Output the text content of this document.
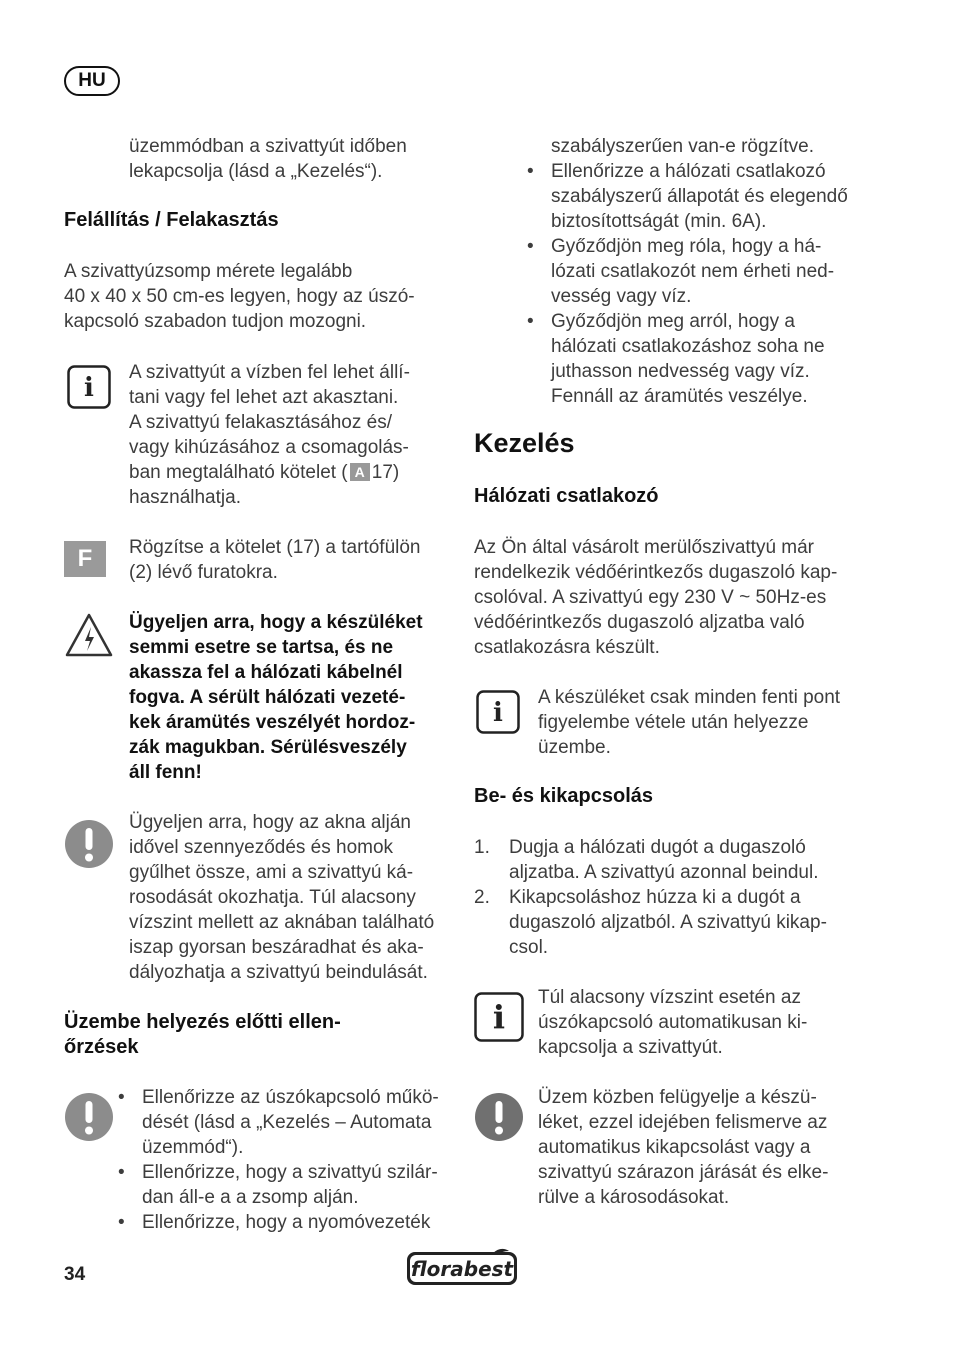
HU
üzemmódban a szivattyút időben
lekapcsolja (lásd a „Kezelés“).
Felállítás / Felakasztás
A szivattyúzsomp mérete legalább
40 x 40 x 50 cm-es legyen, hogy az úszó-
kapcsoló szabadon tudjon mozogni.
i
A szivattyút a vízben fel lehet állí-
tani vagy fel lehet azt akasztani.
A szivattyú felakasztásához és/
vagy kihúzásához a csomagolás-
ban megtalálható kötelet ( A 17)
használhatja.
F	Rögzítse a kötelet (17) a tartófülön
(2) lévő furatokra.
Ügyeljen arra, hogy a készüléket
semmi esetre se tartsa, és ne
akassza fel a hálózati kábelnél
fogva. A sérült hálózati vezeté-
kek áramütés veszélyét hordoz-
zák magukban. Sérülésveszély
áll fenn!
Ügyeljen arra, hogy az akna alján
idővel szennyeződés és homok
gyűlhet össze, ami a szivattyú ká-
rosodását okozhatja. Túl alacsony
vízszint mellett az aknában található
iszap gyorsan beszáradhat és aka-
dályozhatja a szivattyú beindulását.
Üzembe helyezés előtti ellen-
őrzések
• Ellenőrizze az úszókapcsoló műkö-
dését (lásd a „Kezelés – Automata
üzemmód“).
• Ellenőrizze, hogy a szivattyú szilár-
dan áll-e a a zsomp alján.
• Ellenőrizze, hogy a nyomóvezeték
szabályszerűen van-e rögzítve.
• Ellenőrizze a hálózati csatlakozó
szabályszerű állapotát és elegendő
biztosítottságát (min. 6A).
• Győződjön meg róla, hogy a há-
lózati csatlakozót nem érheti ned-
vesség vagy víz.
• Győződjön meg arról, hogy a
hálózati csatlakozáshoz soha ne
juthasson nedvesség vagy víz.
Fennáll az áramütés veszélye.
Kezelés
Hálózati csatlakozó
Az Ön által vásárolt merülőszivattyú már
rendelkezik védőérintkezős dugaszoló kap-
csolóval. A szivattyú egy 230 V ~ 50Hz-es
védőérintkezős dugaszoló aljzatba való
csatlakozásra készült.
i
A készüléket csak minden fenti pont
figyelembe vétele után helyezze
üzembe.
Be- és kikapcsolás
1. Dugja a hálózati dugót a dugaszoló
aljzatba. A szivattyú azonnal beindul.
2. Kikapcsoláshoz húzza ki a dugót a
dugaszoló aljzatból. A szivattyú kikap-
csol.
i
Túl alacsony vízszint esetén az
úszókapcsoló automatikusan ki-
kapcsolja a szivattyút.
Üzem közben felügyelje a készü-
léket, ezzel idejében felismerve az
automatikus kikapcsolást vagy a
szivattyú szárazon járását és elke-
rülve a károsodásokat.
34	florabest
